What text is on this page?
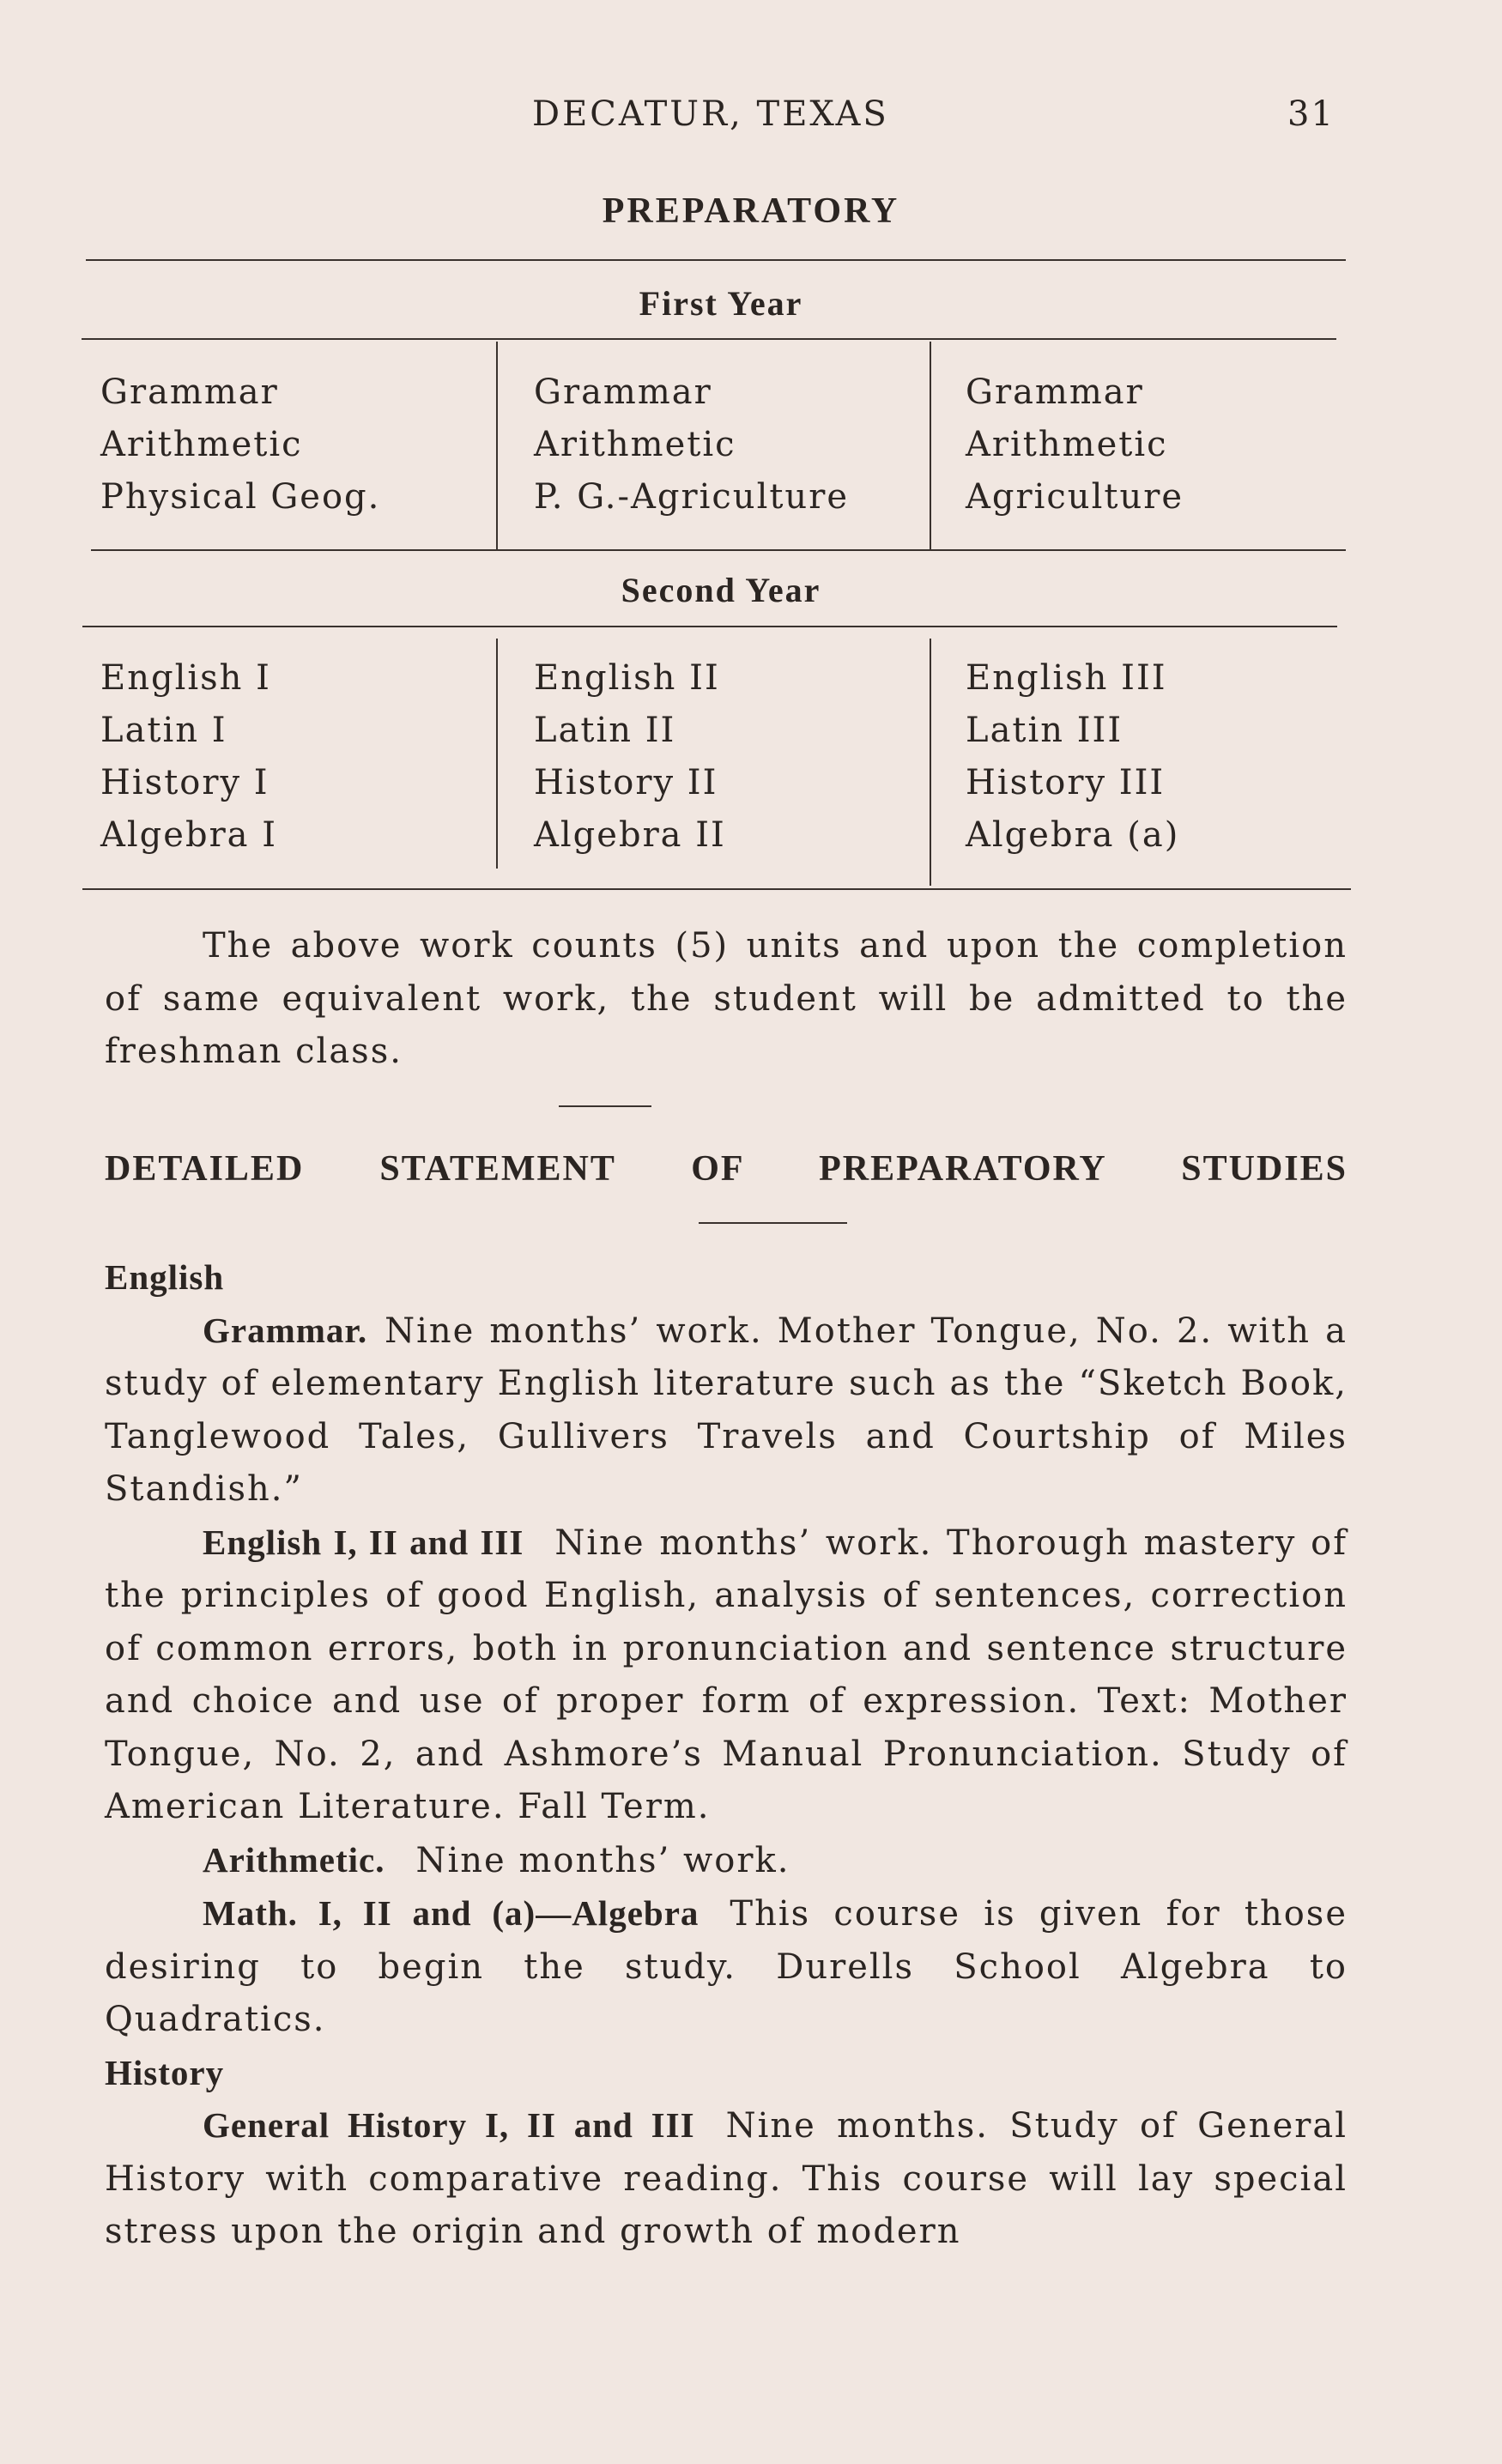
DECATUR, TEXAS	31
PREPARATORY
First Year
Grammar
Arithmetic
Physical Geog.
Grammar
Arithmetic
P. G.-Agriculture
Grammar
Arithmetic
Agriculture
Second Year
English I
Latin I
History I
Algebra I
English II
Latin II
History II
Algebra II
English III
Latin III
History III
Algebra (a)

The above work counts (5) units and upon the completion of same equivalent work, the student will be admitted to the freshman class.

DETAILED STATEMENT OF PREPARATORY STUDIES

English

Grammar. Nine months’ work. Mother Tongue, No. 2. with a study of elementary English literature such as the “Sketch Book, Tanglewood Tales, Gullivers Travels and Courtship of Miles Standish.”

English I, II and III Nine months’ work. Thorough mastery of the principles of good English, analysis of sentences, correction of common errors, both in pronunciation and sentence structure and choice and use of proper form of expression. Text: Mother Tongue, No. 2, and Ashmore’s Manual Pronunciation. Study of American Literature. Fall Term.

Arithmetic. Nine months’ work.

Math. I, II and (a)—Algebra This course is given for those desiring to begin the study. Durells School Algebra to Quadratics.

History

General History I, II and III Nine months. Study of General History with comparative reading. This course will lay special stress upon the origin and growth of modern
